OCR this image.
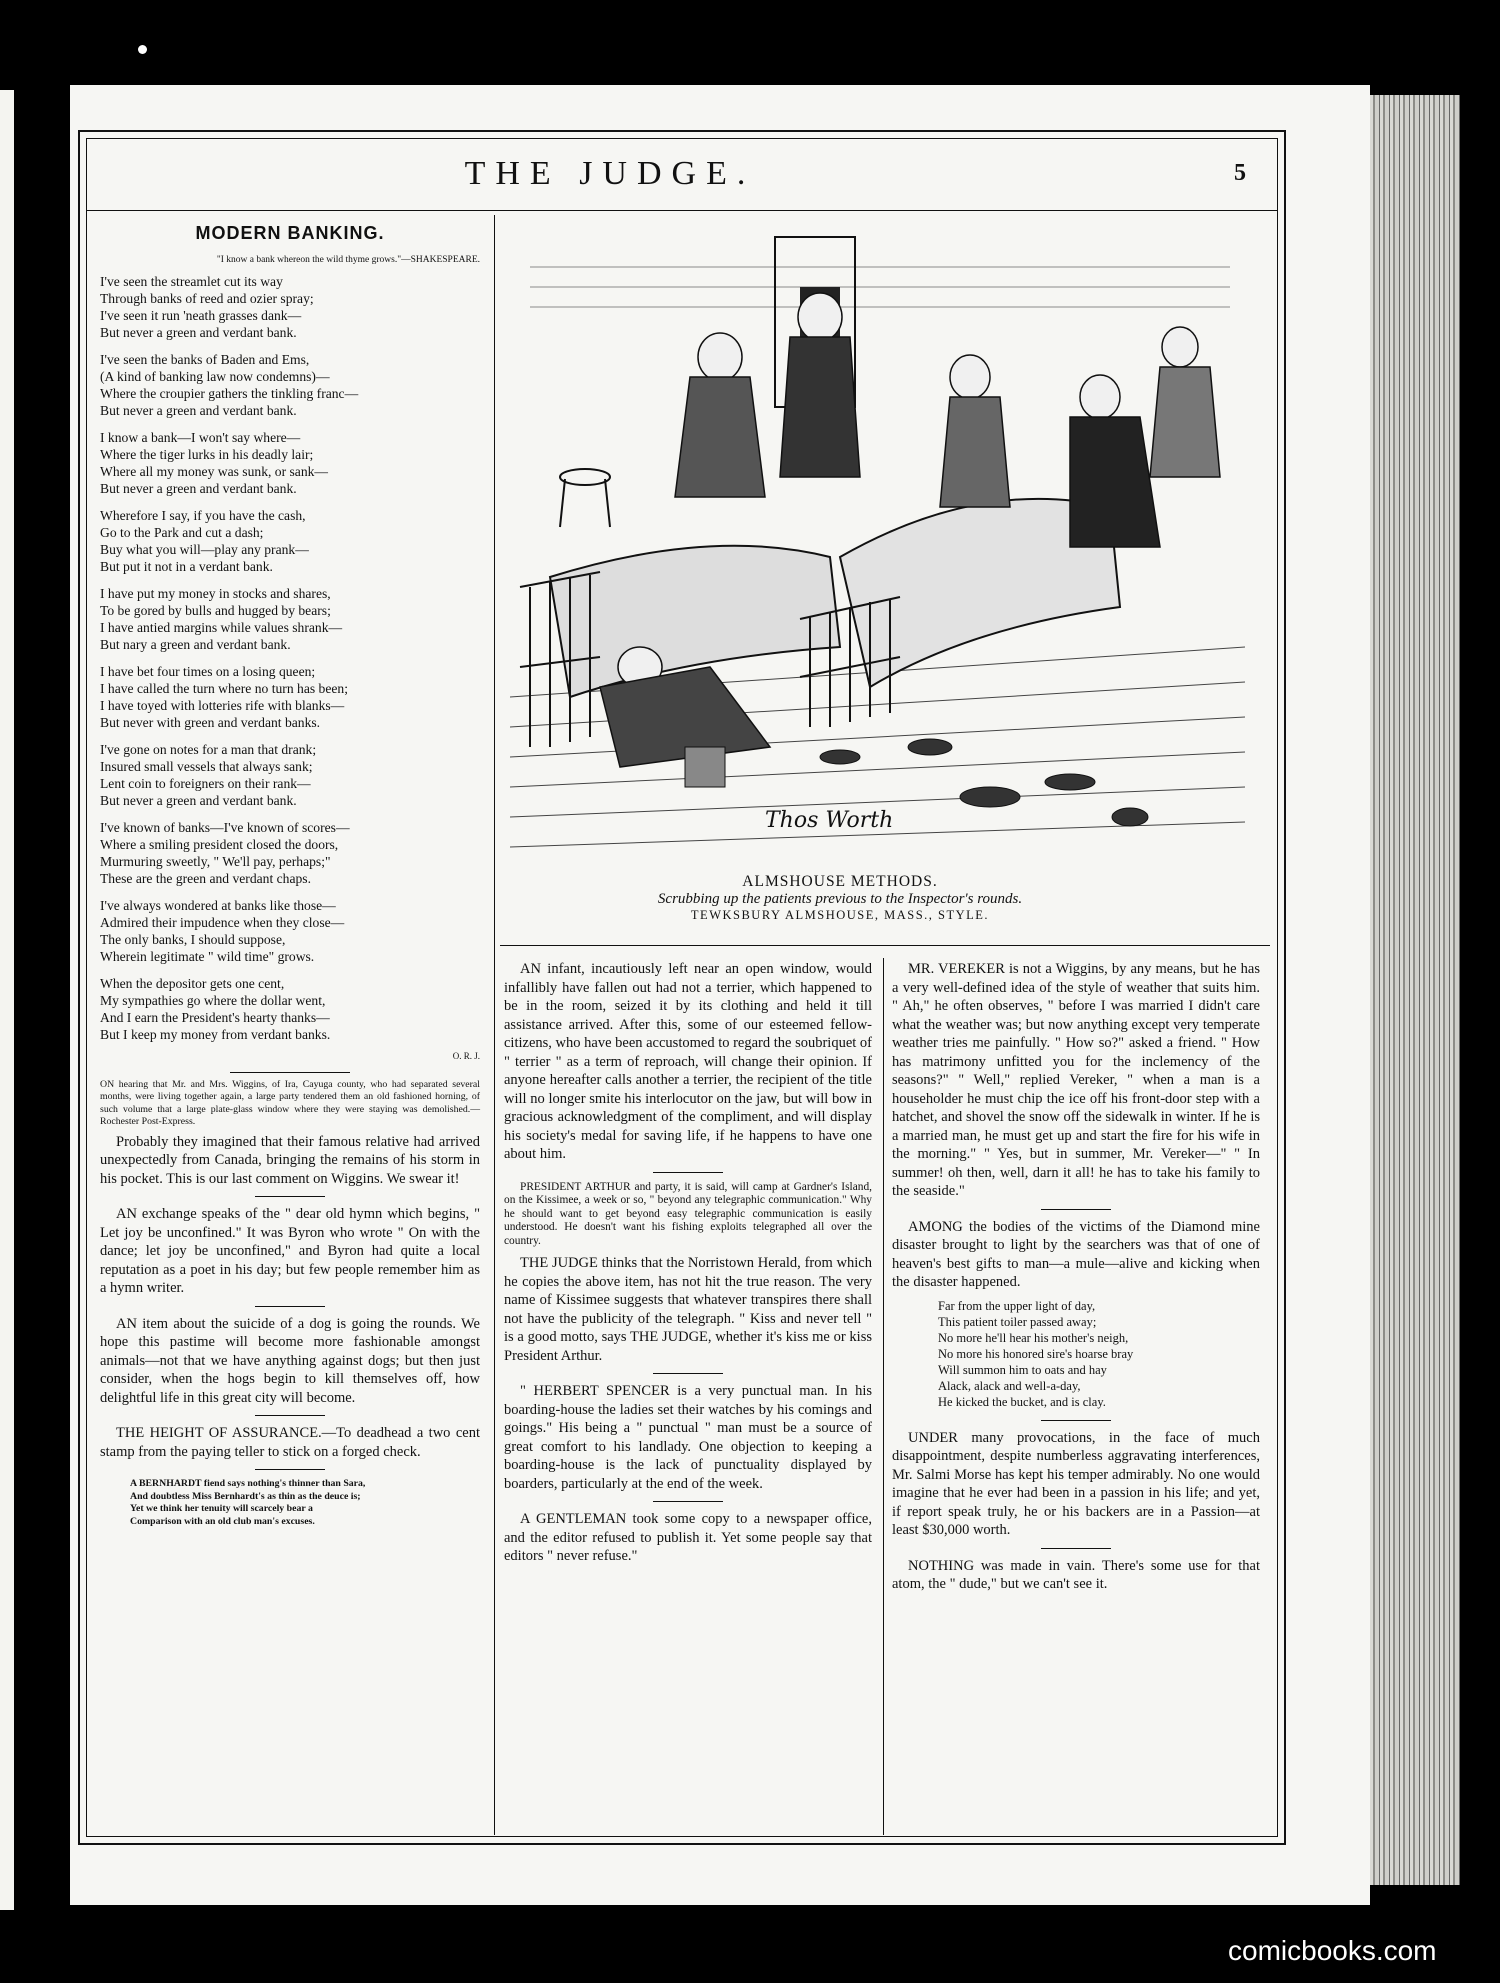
THE JUDGE.	5
MODERN BANKING.
"I know a bank whereon the wild thyme grows."—SHAKESPEARE.
I've seen the streamlet cut its way
Through banks of reed and ozier spray;
I've seen it run 'neath grasses dank—
But never a green and verdant bank.
I've seen the banks of Baden and Ems,
(A kind of banking law now condemns)—
Where the croupier gathers the tinkling franc—
But never a green and verdant bank.
I know a bank—I won't say where—
Where the tiger lurks in his deadly lair;
Where all my money was sunk, or sank—
But never a green and verdant bank.
Wherefore I say, if you have the cash,
Go to the Park and cut a dash;
Buy what you will—play any prank—
But put it not in a verdant bank.
I have put my money in stocks and shares,
To be gored by bulls and hugged by bears;
I have antied margins while values shrank—
But nary a green and verdant bank.
I have bet four times on a losing queen;
I have called the turn where no turn has been;
I have toyed with lotteries rife with blanks—
But never with green and verdant banks.
I've gone on notes for a man that drank;
Insured small vessels that always sank;
Lent coin to foreigners on their rank—
But never a green and verdant bank.
I've known of banks—I've known of scores—
Where a smiling president closed the doors,
Murmuring sweetly, " We'll pay, perhaps;"
These are the green and verdant chaps.
I've always wondered at banks like those—
Admired their impudence when they close—
The only banks, I should suppose,
Wherein legitimate " wild time" grows.
When the depositor gets one cent,
My sympathies go where the dollar went,
And I earn the President's hearty thanks—
But I keep my money from verdant banks.
O. R. J.
ON hearing that Mr. and Mrs. Wiggins, of Ira, Cayuga county, who had separated several months, were living together again, a large party tendered them an old fashioned horning, of such volume that a large plate-glass window where they were staying was demolished.—Rochester Post-Express.

Probably they imagined that their famous relative had arrived unexpectedly from Canada, bringing the remains of his storm in his pocket. This is our last comment on Wiggins. We swear it!

AN exchange speaks of the " dear old hymn which begins, " Let joy be unconfined." It was Byron who wrote " On with the dance; let joy be unconfined," and Byron had quite a local reputation as a poet in his day; but few people remember him as a hymn writer.

AN item about the suicide of a dog is going the rounds. We hope this pastime will become more fashionable amongst animals—not that we have anything against dogs; but then just consider, when the hogs begin to kill themselves off, how delightful life in this great city will become.

THE HEIGHT OF ASSURANCE.—To deadhead a two cent stamp from the paying teller to stick on a forged check.

A BERNHARDT fiend says nothing's thinner than Sara,
And doubtless Miss Bernhardt's as thin as the deuce is;
Yet we think her tenuity will scarcely bear a
Comparison with an old club man's excuses.
Thos Worth
ALMSHOUSE METHODS.
Scrubbing up the patients previous to the Inspector's rounds.
TEWKSBURY ALMSHOUSE, MASS., STYLE.

AN infant, incautiously left near an open window, would infallibly have fallen out had not a terrier, which happened to be in the room, seized it by its clothing and held it till assistance arrived. After this, some of our esteemed fellow-citizens, who have been accustomed to regard the soubriquet of " terrier " as a term of reproach, will change their opinion. If anyone hereafter calls another a terrier, the recipient of the title will no longer smite his interlocutor on the jaw, but will bow in gracious acknowledgment of the compliment, and will display his society's medal for saving life, if he happens to have one about him.

PRESIDENT ARTHUR and party, it is said, will camp at Gardner's Island, on the Kissimee, a week or so, " beyond any telegraphic communication." Why he should want to get beyond easy telegraphic communication is easily understood. He doesn't want his fishing exploits telegraphed all over the country.

THE JUDGE thinks that the Norristown Herald, from which he copies the above item, has not hit the true reason. The very name of Kissimee suggests that whatever transpires there shall not have the publicity of the telegraph. " Kiss and never tell " is a good motto, says THE JUDGE, whether it's kiss me or kiss President Arthur.

" HERBERT SPENCER is a very punctual man. In his boarding-house the ladies set their watches by his comings and goings." His being a " punctual " man must be a source of great comfort to his landlady. One objection to keeping a boarding-house is the lack of punctuality displayed by boarders, particularly at the end of the week.

A GENTLEMAN took some copy to a newspaper office, and the editor refused to publish it. Yet some people say that editors " never refuse."

MR. VEREKER is not a Wiggins, by any means, but he has a very well-defined idea of the style of weather that suits him. " Ah," he often observes, " before I was married I didn't care what the weather was; but now anything except very temperate weather tries me painfully. " How so?" asked a friend. " How has matrimony unfitted you for the inclemency of the seasons?" " Well," replied Vereker, " when a man is a householder he must chip the ice off his front-door step with a hatchet, and shovel the snow off the sidewalk in winter. If he is a married man, he must get up and start the fire for his wife in the morning." " Yes, but in summer, Mr. Vereker—" " In summer! oh then, well, darn it all! he has to take his family to the seaside."

AMONG the bodies of the victims of the Diamond mine disaster brought to light by the searchers was that of one of heaven's best gifts to man—a mule—alive and kicking when the disaster happened.

Far from the upper light of day,
This patient toiler passed away;
No more he'll hear his mother's neigh,
No more his honored sire's hoarse bray
Will summon him to oats and hay
Alack, alack and well-a-day,
He kicked the bucket, and is clay.

UNDER many provocations, in the face of much disappointment, despite numberless aggravating interferences, Mr. Salmi Morse has kept his temper admirably. No one would imagine that he ever had been in a passion in his life; and yet, if report speak truly, he or his backers are in a Passion—at least $30,000 worth.

NOTHING was made in vain. There's some use for that atom, the " dude," but we can't see it.

comicbooks.com
